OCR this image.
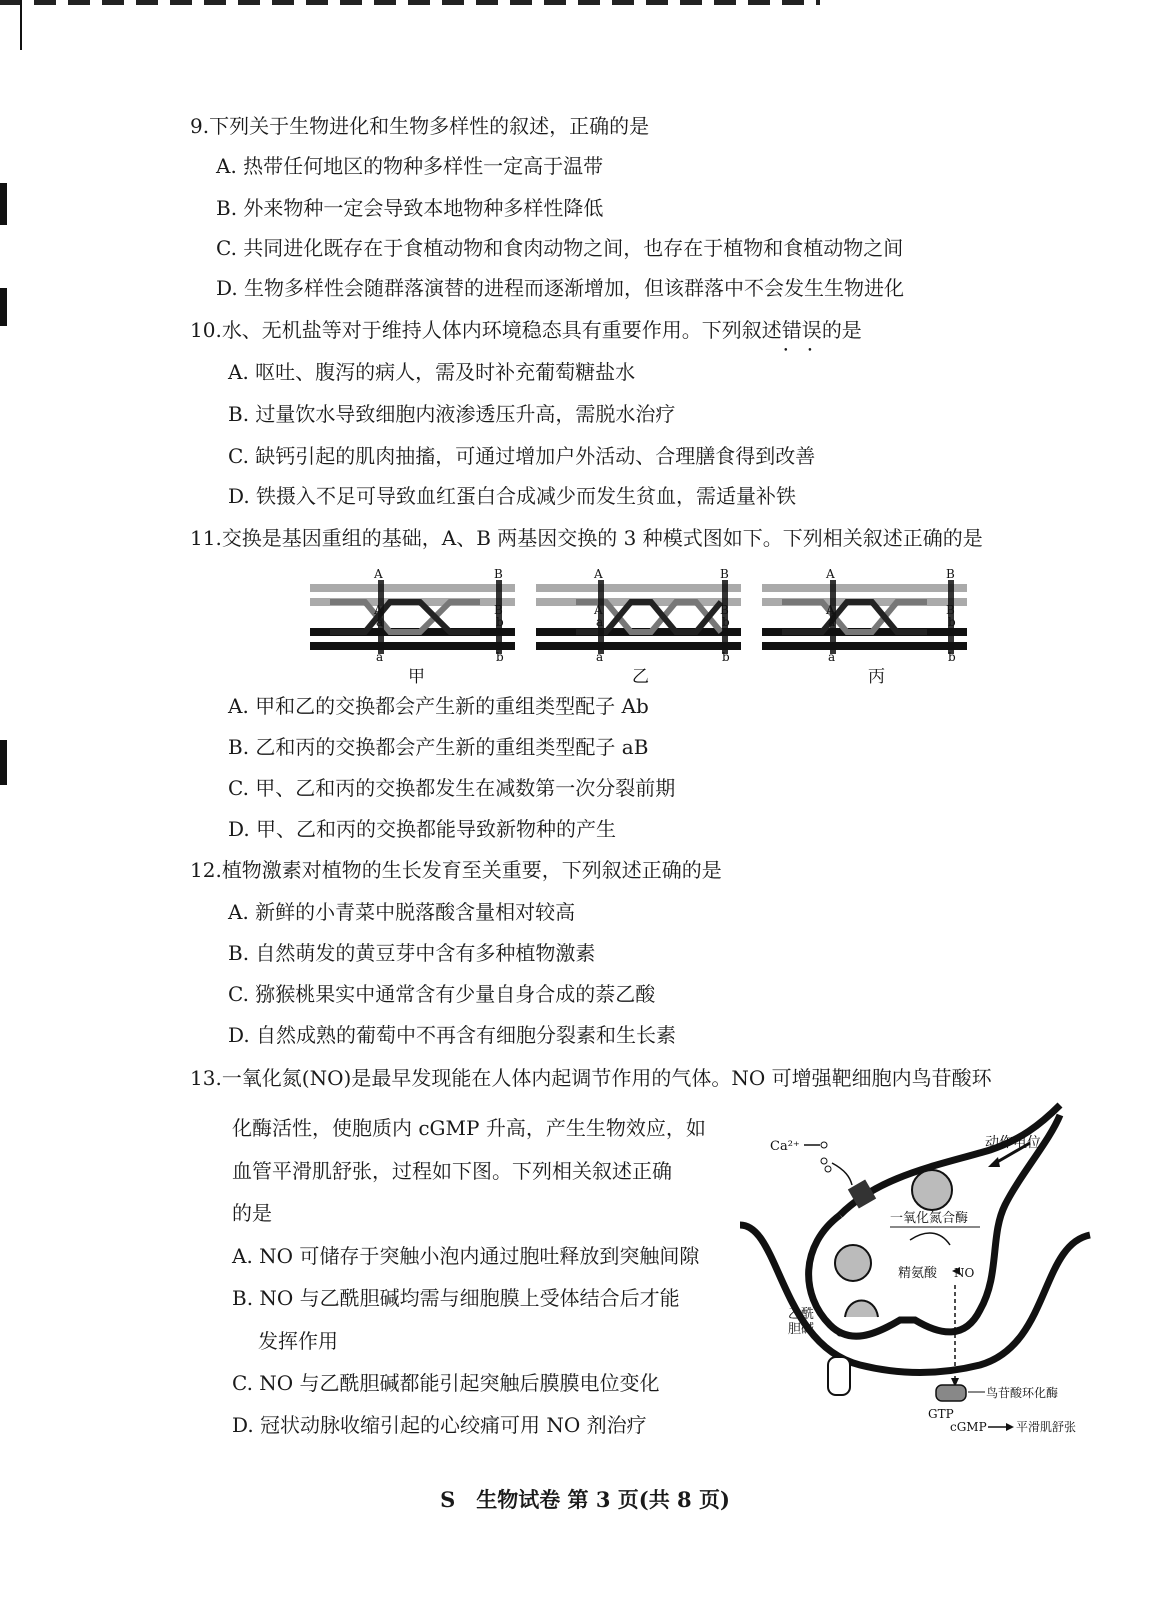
9.下列关于生物进化和生物多样性的叙述，正确的是
A. 热带任何地区的物种多样性一定高于温带
B. 外来物种一定会导致本地物种多样性降低
C. 共同进化既存在于食植动物和食肉动物之间，也存在于植物和食植动物之间
D. 生物多样性会随群落演替的进程而逐渐增加，但该群落中不会发生生物进化
10.水、无机盐等对于维持人体内环境稳态具有重要作用。下列叙述错误 • •的是
A. 呕吐、腹泻的病人，需及时补充葡萄糖盐水
B. 过量饮水导致细胞内液渗透压升高，需脱水治疗
C. 缺钙引起的肌肉抽搐，可通过增加户外活动、合理膳食得到改善
D. 铁摄入不足可导致血红蛋白合成减少而发生贫血，需适量补铁
11.交换是基因重组的基础，A、B 两基因交换的 3 种模式图如下。下列相关叙述正确的是
A
A
a
a
B
B
b
b
A
A
a
a
B
B
b
b
A
A
a
a
B
B
b
b
甲	乙	丙
A. 甲和乙的交换都会产生新的重组类型配子 Ab
B. 乙和丙的交换都会产生新的重组类型配子 aB
C. 甲、乙和丙的交换都发生在减数第一次分裂前期
D. 甲、乙和丙的交换都能导致新物种的产生
12.植物激素对植物的生长发育至关重要，下列叙述正确的是
A. 新鲜的小青菜中脱落酸含量相对较高
B. 自然萌发的黄豆芽中含有多种植物激素
C. 猕猴桃果实中通常含有少量自身合成的萘乙酸
D. 自然成熟的葡萄中不再含有细胞分裂素和生长素
13.一氧化氮(NO)是最早发现能在人体内起调节作用的气体。NO 可增强靶细胞内鸟苷酸环
化酶活性，使胞质内 cGMP 升高，产生生物效应，如
血管平滑肌舒张，过程如下图。下列相关叙述正确
的是
A. NO 可储存于突触小泡内通过胞吐释放到突触间隙
B. NO 与乙酰胆碱均需与细胞膜上受体结合后才能
发挥作用
C. NO 与乙酰胆碱都能引起突触后膜膜电位变化
D. 冠状动脉收缩引起的心绞痛可用 NO 剂治疗
动作电位
Ca²⁺
一氧化氮合酶
精氨酸 NO
乙酰
胆碱
鸟苷酸环化酶
GTP
cGMP 平滑肌舒张
S　生物试卷 第 3 页(共 8 页)
